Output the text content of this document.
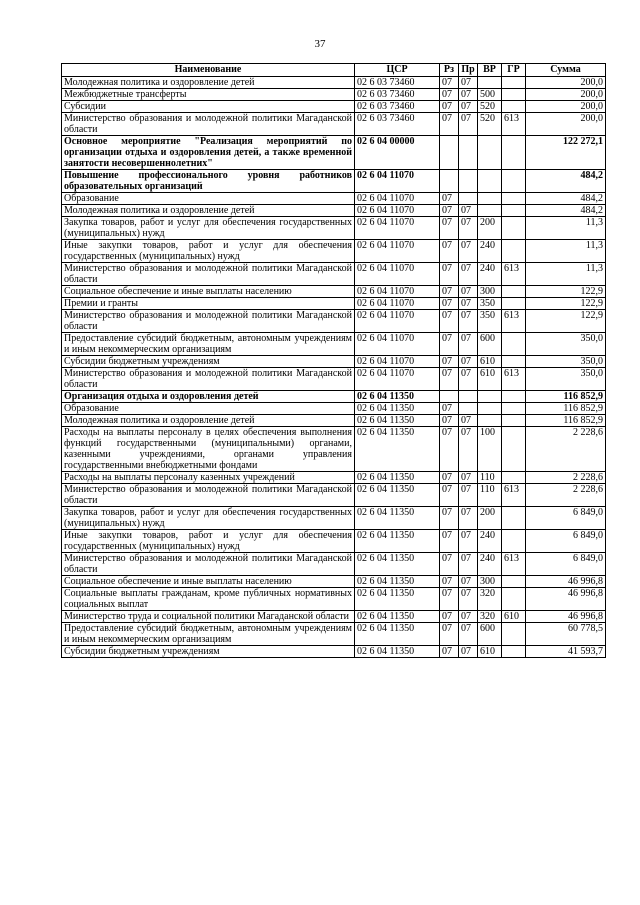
37
Наименование	ЦСР	Рз	Пр	ВР	ГР	Сумма
Молодежная политика и оздоровление детей	02 6 03 73460	07	07			200,0
Межбюджетные трансферты	02 6 03 73460	07	07	500		200,0
Субсидии	02 6 03 73460	07	07	520		200,0
Министерство образования и молодежной политики Магаданской области	02 6 03 73460	07	07	520	613	200,0
Основное мероприятие "Реализация мероприятий по организации отдыха и оздоровления детей, а также временной занятости несовершеннолетних"	02 6 04 00000					122 272,1
Повышение профессионального уровня работников образовательных организаций	02 6 04 11070					484,2
Образование	02 6 04 11070	07				484,2
Молодежная политика и оздоровление детей	02 6 04 11070	07	07			484,2
Закупка товаров, работ и услуг для обеспечения государственных (муниципальных) нужд	02 6 04 11070	07	07	200		11,3
Иные закупки товаров, работ и услуг для обеспечения государственных (муниципальных) нужд	02 6 04 11070	07	07	240		11,3
Министерство образования и молодежной политики Магаданской области	02 6 04 11070	07	07	240	613	11,3
Социальное обеспечение и иные выплаты населению	02 6 04 11070	07	07	300		122,9
Премии и гранты	02 6 04 11070	07	07	350		122,9
Министерство образования и молодежной политики Магаданской области	02 6 04 11070	07	07	350	613	122,9
Предоставление субсидий бюджетным, автономным учреждениям и иным некоммерческим организациям	02 6 04 11070	07	07	600		350,0
Субсидии бюджетным учреждениям	02 6 04 11070	07	07	610		350,0
Министерство образования и молодежной политики Магаданской области	02 6 04 11070	07	07	610	613	350,0
Организация отдыха и оздоровления детей	02 6 04 11350					116 852,9
Образование	02 6 04 11350	07				116 852,9
Молодежная политика и оздоровление детей	02 6 04 11350	07	07			116 852,9
Расходы на выплаты персоналу в целях обеспечения выполнения функций государственными (муниципальными) органами, казенными учреждениями, органами управления государственными внебюджетными фондами	02 6 04 11350	07	07	100		2 228,6
Расходы на выплаты персоналу казенных учреждений	02 6 04 11350	07	07	110		2 228,6
Министерство образования и молодежной политики Магаданской области	02 6 04 11350	07	07	110	613	2 228,6
Закупка товаров, работ и услуг для обеспечения государственных (муниципальных) нужд	02 6 04 11350	07	07	200		6 849,0
Иные закупки товаров, работ и услуг для обеспечения государственных (муниципальных) нужд	02 6 04 11350	07	07	240		6 849,0
Министерство образования и молодежной политики Магаданской области	02 6 04 11350	07	07	240	613	6 849,0
Социальное обеспечение и иные выплаты населению	02 6 04 11350	07	07	300		46 996,8
Социальные выплаты гражданам, кроме публичных нормативных социальных выплат	02 6 04 11350	07	07	320		46 996,8
Министерство труда и социальной политики Магаданской области	02 6 04 11350	07	07	320	610	46 996,8
Предоставление субсидий бюджетным, автономным учреждениям и иным некоммерческим организациям	02 6 04 11350	07	07	600		60 778,5
Субсидии бюджетным учреждениям	02 6 04 11350	07	07	610		41 593,7
